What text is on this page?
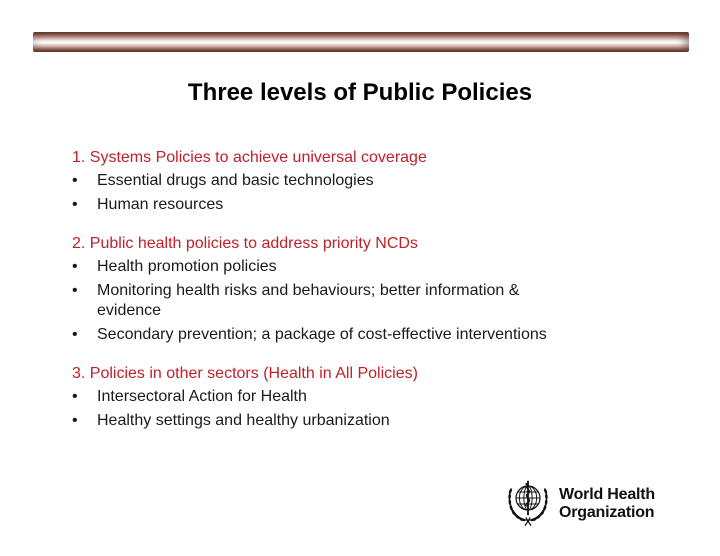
Three levels of Public Policies
1. Systems Policies to achieve universal coverage
•	Essential drugs and basic technologies
•	Human resources
2. Public health policies to address priority NCDs
•	Health promotion policies
•	Monitoring health risks and behaviours; better information &
evidence
•	Secondary prevention; a package of cost-effective interventions
3. Policies in other sectors (Health in All Policies)
•	Intersectoral Action for Health
•	Healthy settings and healthy urbanization
World Health
Organization
